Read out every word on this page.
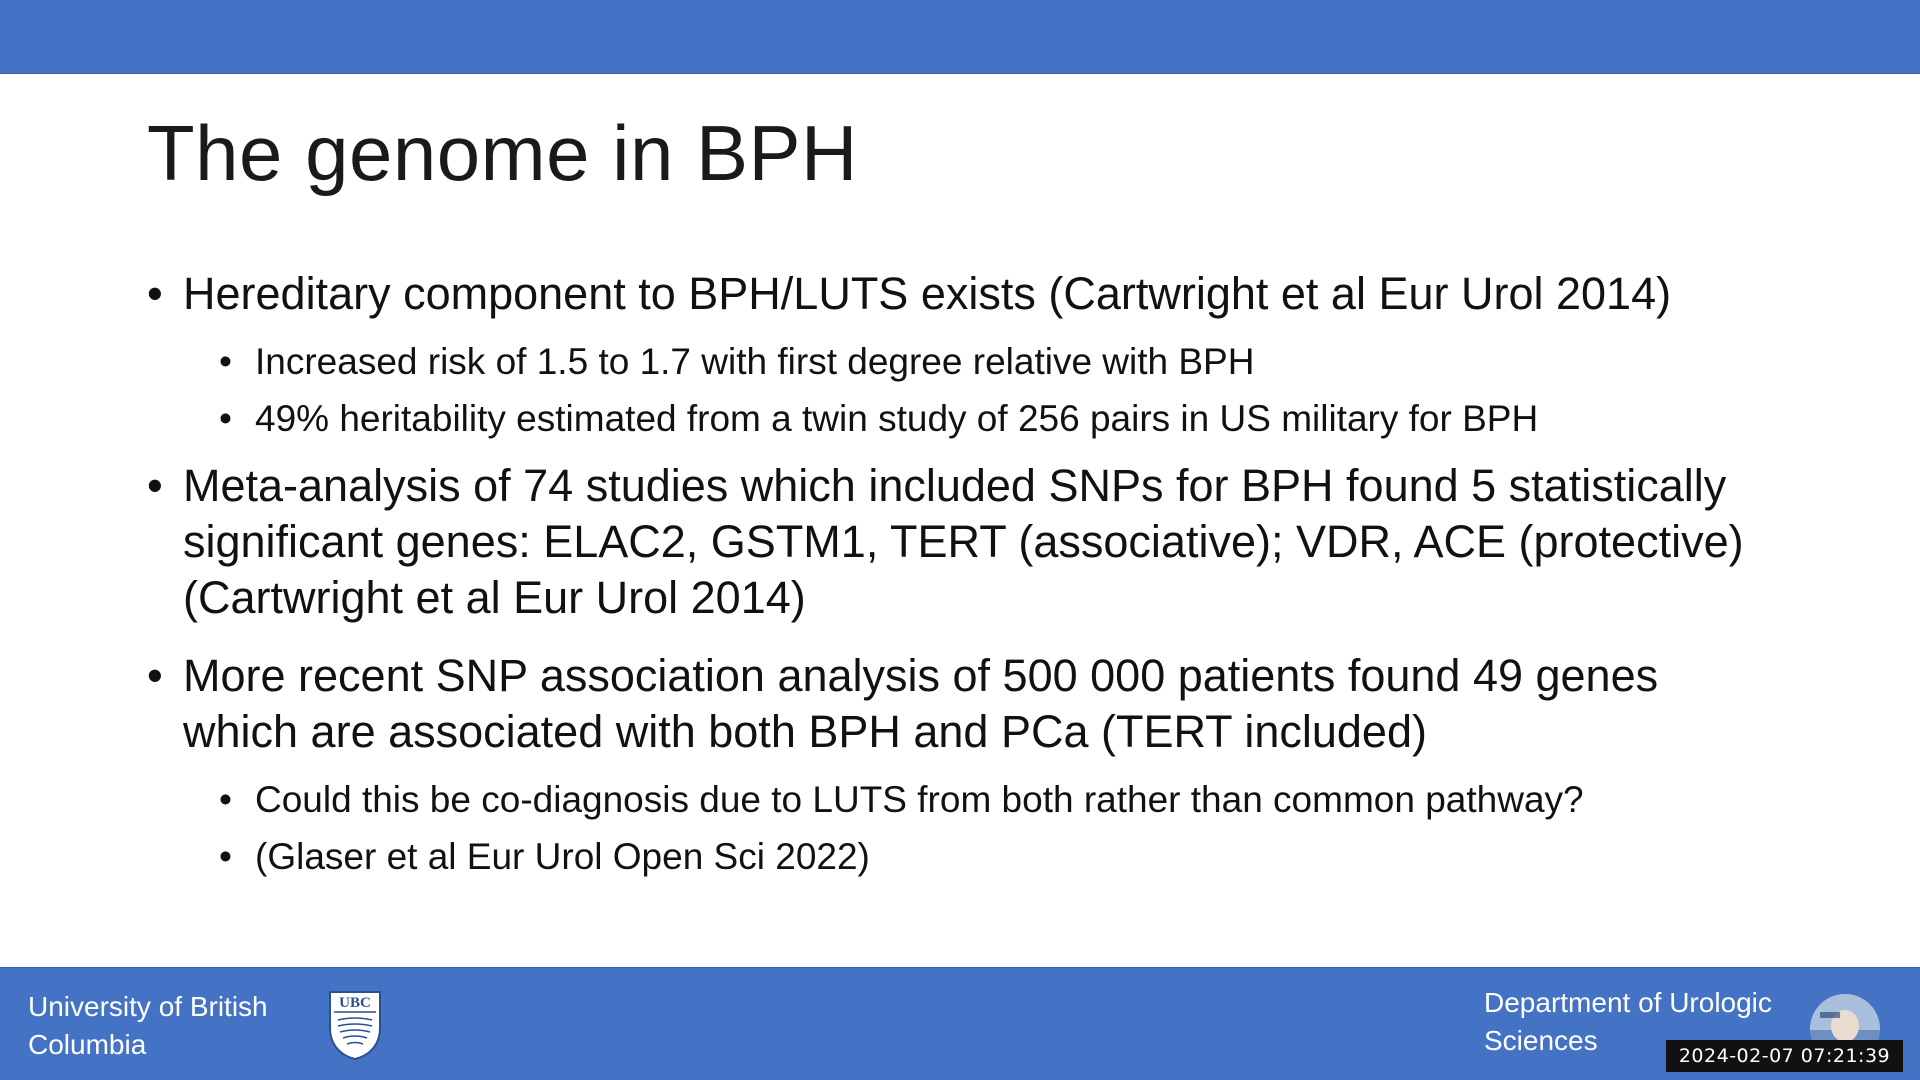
The genome in BPH
• Hereditary component to BPH/LUTS exists (Cartwright et al Eur Urol 2014)
• Increased risk of 1.5 to 1.7 with first degree relative with BPH
• 49% heritability estimated from a twin study of 256 pairs in US military for BPH
• Meta-analysis of 74 studies which included SNPs for BPH found 5 statistically significant genes: ELAC2, GSTM1, TERT (associative); VDR, ACE (protective) (Cartwright et al Eur Urol 2014)
• More recent SNP association analysis of 500 000 patients found 49 genes which are associated with both BPH and PCa (TERT included)
• Could this be co-diagnosis due to LUTS from both rather than common pathway?
• (Glaser et al Eur Urol Open Sci 2022)
University of British Columbia
UBC	Department of Urologic Sciences	2024-02-07 07:21:39
